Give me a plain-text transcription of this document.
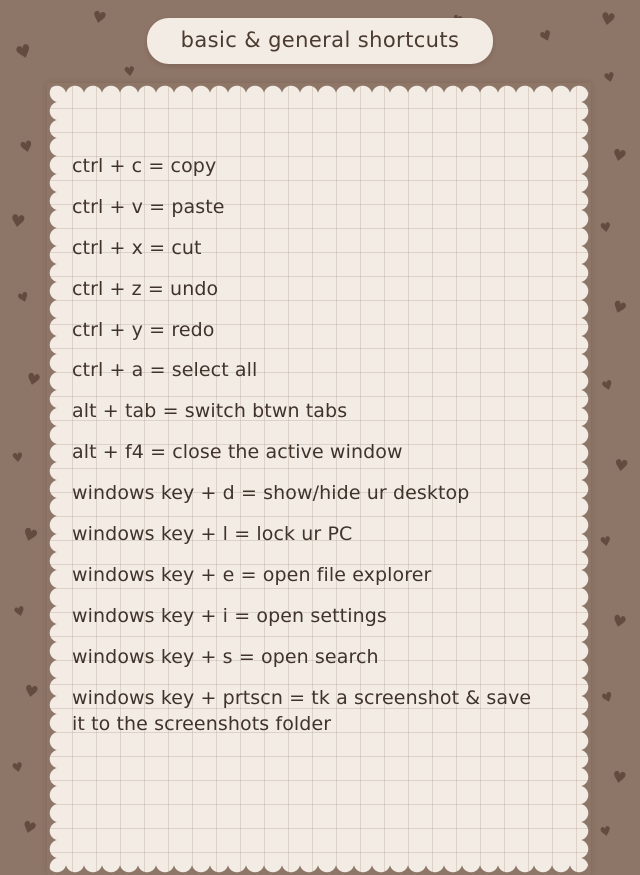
♥
♥
♥
♥
♥
♥
♥
♥
♥
♥
♥
♥
♥
♥
♥
♥
♥
♥
♥
♥
♥
♥
♥
♥
♥
♥
ctrl + c = copy
ctrl + v = paste
ctrl + x = cut
ctrl + z = undo
ctrl + y = redo
ctrl + a = select all
alt + tab = switch btwn tabs
alt + f4 = close the active window
windows key + d = show/hide ur desktop
windows key + l = lock ur PC
windows key + e = open file explorer
windows key + i = open settings
windows key + s = open search
windows key + prtscn = tk a screenshot & save
it to the screenshots folder
basic & general shortcuts
